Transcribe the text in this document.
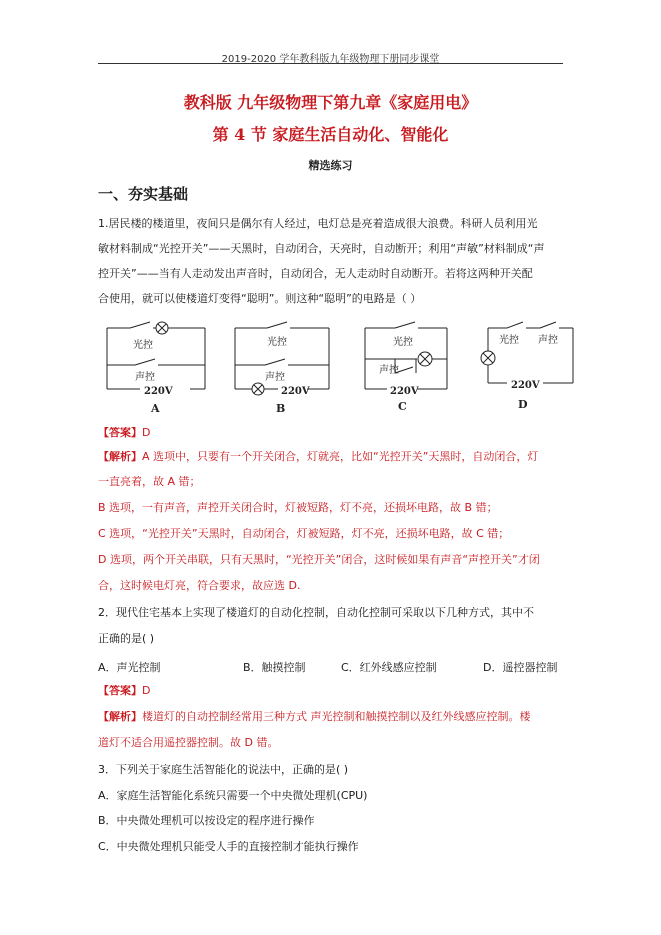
2019-2020 学年教科版九年级物理下册同步课堂
教科版 九年级物理下第九章《家庭用电》
第 4 节 家庭生活自动化、智能化
精选练习
一、夯实基础
1.居民楼的楼道里，夜间只是偶尔有人经过，电灯总是亮着造成很大浪费。科研人员利用光
敏材料制成“光控开关”——天黑时，自动闭合，天亮时，自动断开；利用“声敏”材料制成“声
控开关”——当有人走动发出声音时，自动闭合，无人走动时自动断开。若将这两种开关配
合使用，就可以使楼道灯变得“聪明”。则这种“聪明”的电路是（ ）
光控
声控
220V
A
光控
声控
220V
B
光控
声控
220V
C
光控 声控
220V
D
【答案】D
【解析】A 选项中，只要有一个开关闭合，灯就亮，比如“光控开关”天黑时，自动闭合，灯
一直亮着，故 A 错；
B 选项，一有声音，声控开关闭合时，灯被短路，灯不亮，还损坏电路，故 B 错；
C 选项，“光控开关”天黑时，自动闭合，灯被短路，灯不亮，还损坏电路，故 C 错；
D 选项，两个开关串联，只有天黑时，“光控开关”闭合，这时候如果有声音“声控开关”才闭
合，这时候电灯亮，符合要求，故应选 D.
2．现代住宅基本上实现了楼道灯的自动化控制，自动化控制可采取以下几种方式，其中不
正确的是( )
A．声光控制	B．触摸控制	C．红外线感应控制	D．遥控器控制
【答案】D
【解析】楼道灯的自动控制经常用三种方式 声光控制和触摸控制以及红外线感应控制。楼
道灯不适合用遥控器控制。故 D 错。
3．下列关于家庭生活智能化的说法中，正确的是( )
A．家庭生活智能化系统只需要一个中央微处理机(CPU)
B．中央微处理机可以按设定的程序进行操作
C．中央微处理机只能受人手的直接控制才能执行操作
